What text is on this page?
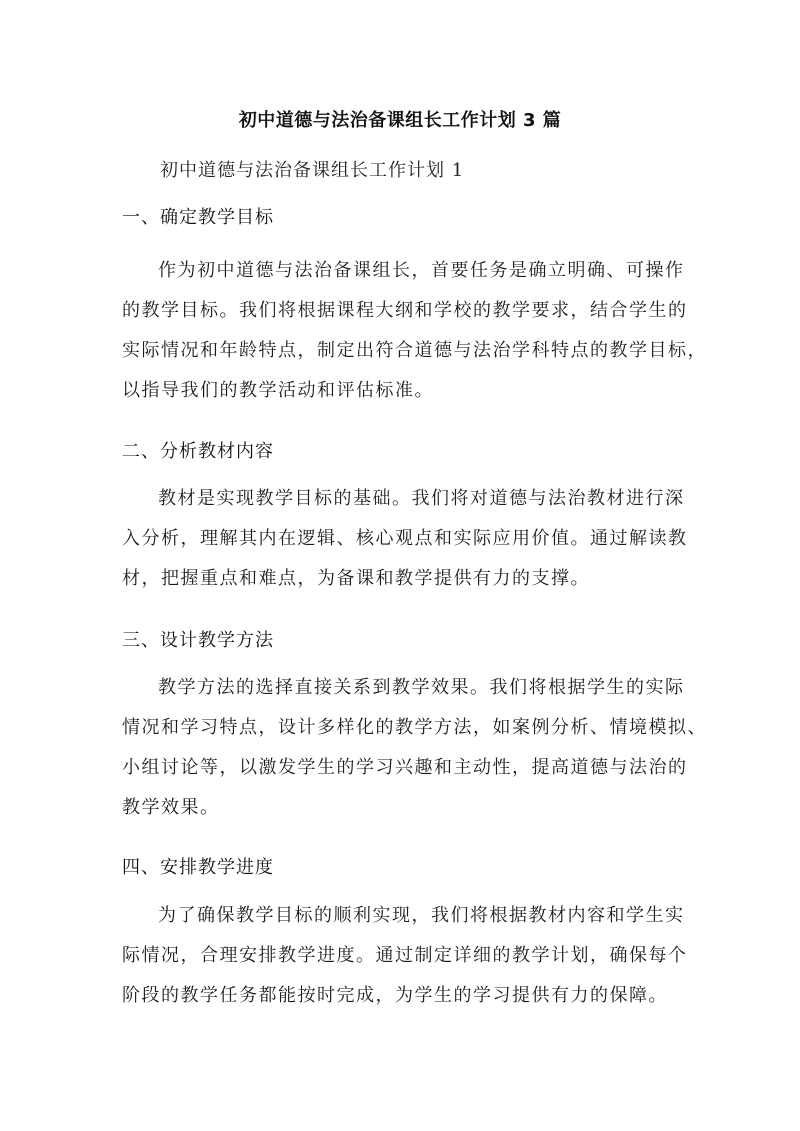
初中道德与法治备课组长工作计划 3 篇
初中道德与法治备课组长工作计划 1
一、确定教学目标
作为初中道德与法治备课组长，首要任务是确立明确、可操作
的教学目标。我们将根据课程大纲和学校的教学要求，结合学生的
实际情况和年龄特点，制定出符合道德与法治学科特点的教学目标，
以指导我们的教学活动和评估标准。
二、分析教材内容
教材是实现教学目标的基础。我们将对道德与法治教材进行深
入分析，理解其内在逻辑、核心观点和实际应用价值。通过解读教
材，把握重点和难点，为备课和教学提供有力的支撑。
三、设计教学方法
教学方法的选择直接关系到教学效果。我们将根据学生的实际
情况和学习特点，设计多样化的教学方法，如案例分析、情境模拟、
小组讨论等，以激发学生的学习兴趣和主动性，提高道德与法治的
教学效果。
四、安排教学进度
为了确保教学目标的顺利实现，我们将根据教材内容和学生实
际情况，合理安排教学进度。通过制定详细的教学计划，确保每个
阶段的教学任务都能按时完成，为学生的学习提供有力的保障。
